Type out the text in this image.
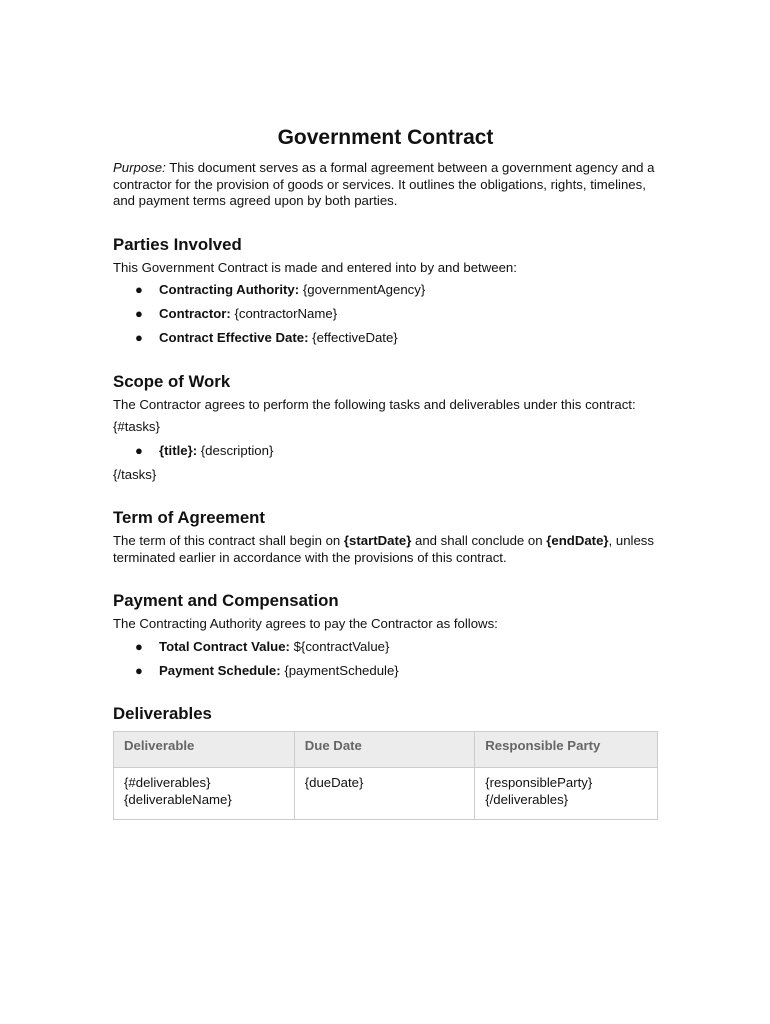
Government Contract

Purpose: This document serves as a formal agreement between a government agency and a contractor for the provision of goods or services. It outlines the obligations, rights, timelines, and payment terms agreed upon by both parties.

Parties Involved

This Government Contract is made and entered into by and between:

● Contracting Authority: {governmentAgency}
● Contractor: {contractorName}
● Contract Effective Date: {effectiveDate}
Scope of Work

The Contractor agrees to perform the following tasks and deliverables under this contract:

{#tasks}
● {title}: {description}
{/tasks}
Term of Agreement

The term of this contract shall begin on {startDate} and shall conclude on {endDate}, unless terminated earlier in accordance with the provisions of this contract.

Payment and Compensation

The Contracting Authority agrees to pay the Contractor as follows:

● Total Contract Value: ${contractValue}
● Payment Schedule: {paymentSchedule}
Deliverables
Deliverable	Due Date	Responsible Party
{#deliverables}{deliverableName}	{dueDate}	{responsibleParty}{/deliverables}
